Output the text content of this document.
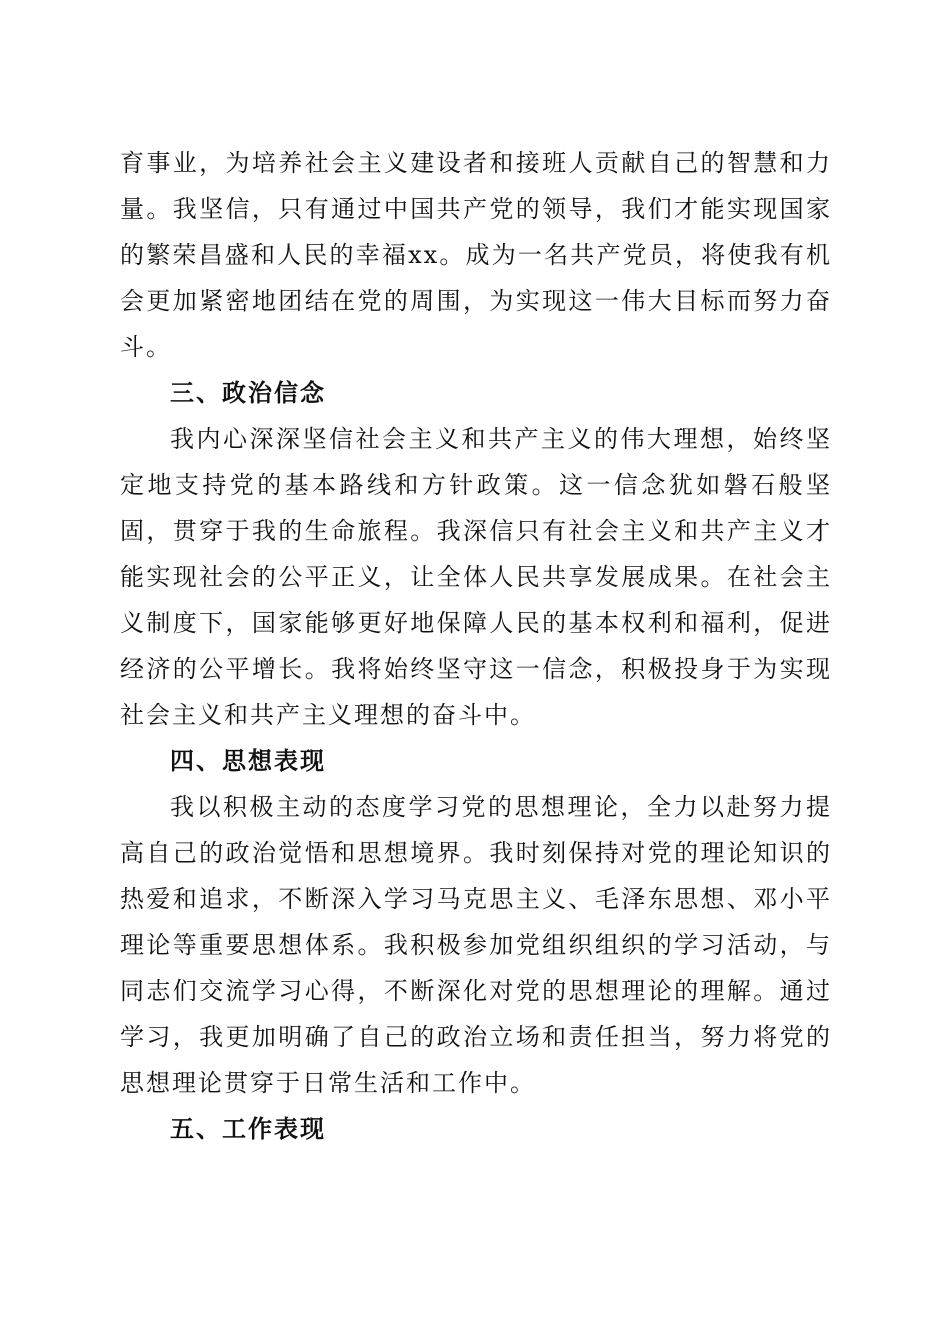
育事业，为培养社会主义建设者和接班人贡献自己的智慧和力量。我坚信，只有通过中国共产党的领导，我们才能实现国家的繁荣昌盛和人民的幸福xx。成为一名共产党员，将使我有机会更加紧密地团结在党的周围，为实现这一伟大目标而努力奋斗。

三、政治信念

我内心深深坚信社会主义和共产主义的伟大理想，始终坚定地支持党的基本路线和方针政策。这一信念犹如磐石般坚固，贯穿于我的生命旅程。我深信只有社会主义和共产主义才能实现社会的公平正义，让全体人民共享发展成果。在社会主义制度下，国家能够更好地保障人民的基本权利和福利，促进经济的公平增长。我将始终坚守这一信念，积极投身于为实现社会主义和共产主义理想的奋斗中。

四、思想表现

我以积极主动的态度学习党的思想理论，全力以赴努力提高自己的政治觉悟和思想境界。我时刻保持对党的理论知识的热爱和追求，不断深入学习马克思主义、毛泽东思想、邓小平理论等重要思想体系。我积极参加党组织组织的学习活动，与同志们交流学习心得，不断深化对党的思想理论的理解。通过学习，我更加明确了自己的政治立场和责任担当，努力将党的思想理论贯穿于日常生活和工作中。

五、工作表现
